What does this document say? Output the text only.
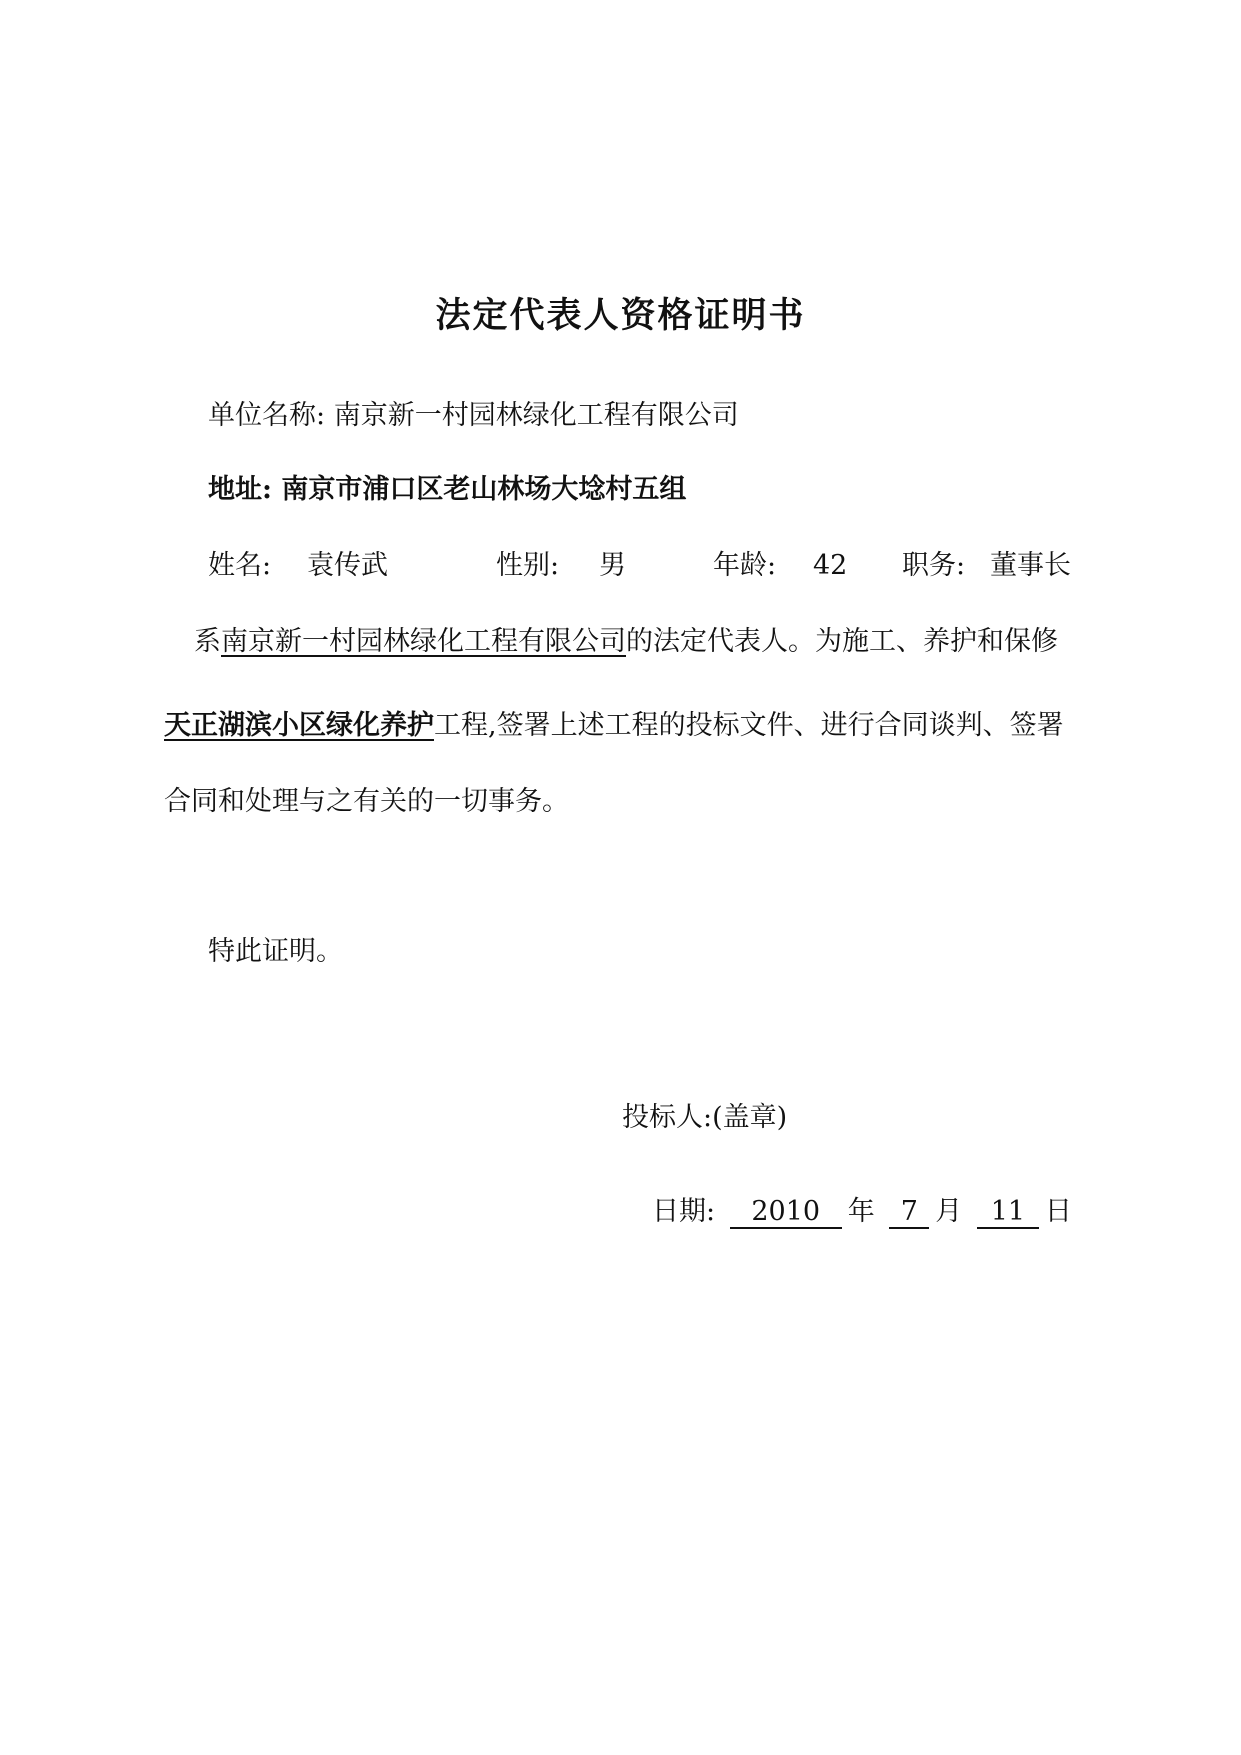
法定代表人资格证明书
单位名称: 南京新一村园林绿化工程有限公司
地址: 南京市浦口区老山林场大埝村五组
姓名: 袁传武	性别: 男	年龄: 42 职务: 董事长
系南京新一村园林绿化工程有限公司的法定代表人。为施工、养护和保修
天正湖滨小区绿化养护工程,签署上述工程的投标文件、进行合同谈判、签署
合同和处理与之有关的一切事务。
特此证明。
投标人:(盖章)
日期: 2010 年 7 月 11 日
